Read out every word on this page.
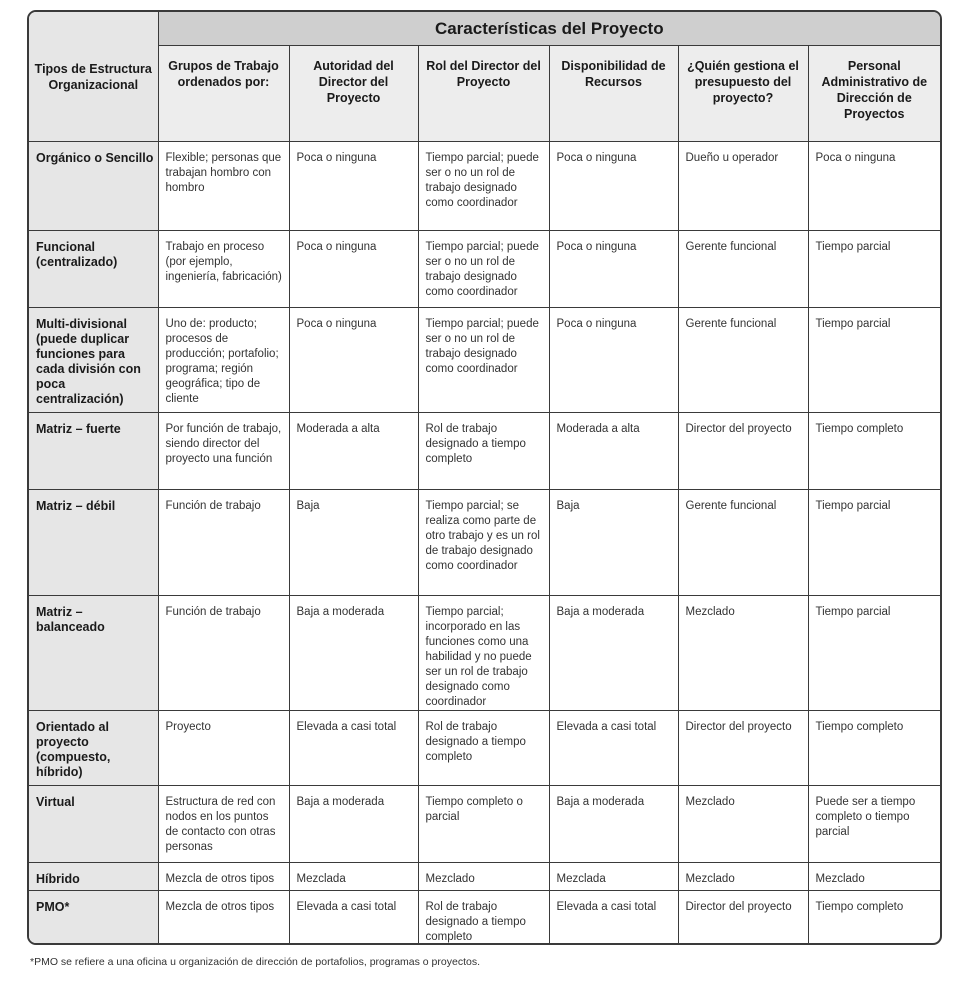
Tipos de Estructura Organizacional	Características del Proyecto					
	Grupos de Trabajo ordenados por:	Autoridad del Director del Proyecto	Rol del Director del Proyecto	Disponibilidad de Recursos	¿Quién gestiona el presupuesto del proyecto?	Personal Administrativo de Dirección de Proyectos
Orgánico o Sencillo	Flexible; personas que trabajan hombro con hombro	Poca o ninguna	Tiempo parcial; puede ser o no un rol de trabajo designado como coordinador	Poca o ninguna	Dueño u operador	Poca o ninguna
Funcional (centralizado)	Trabajo en proceso (por ejemplo, ingeniería, fabricación)	Poca o ninguna	Tiempo parcial; puede ser o no un rol de trabajo designado como coordinador	Poca o ninguna	Gerente funcional	Tiempo parcial
Multi-divisional (puede duplicar funciones para cada división con poca centralización)	Uno de: producto; procesos de producción; portafolio; programa; región geográfica; tipo de cliente	Poca o ninguna	Tiempo parcial; puede ser o no un rol de trabajo designado como coordinador	Poca o ninguna	Gerente funcional	Tiempo parcial
Matriz – fuerte	Por función de trabajo, siendo director del proyecto una función	Moderada a alta	Rol de trabajo designado a tiempo completo	Moderada a alta	Director del proyecto	Tiempo completo
Matriz – débil	Función de trabajo	Baja	Tiempo parcial; se realiza como parte de otro trabajo y es un rol de trabajo designado como coordinador	Baja	Gerente funcional	Tiempo parcial
Matriz – balanceado	Función de trabajo	Baja a moderada	Tiempo parcial; incorporado en las funciones como una habilidad y no puede ser un rol de trabajo designado como coordinador	Baja a moderada	Mezclado	Tiempo parcial
Orientado al proyecto (compuesto, híbrido)	Proyecto	Elevada a casi total	Rol de trabajo designado a tiempo completo	Elevada a casi total	Director del proyecto	Tiempo completo
Virtual	Estructura de red con nodos en los puntos de contacto con otras personas	Baja a moderada	Tiempo completo o parcial	Baja a moderada	Mezclado	Puede ser a tiempo completo o tiempo parcial
Híbrido	Mezcla de otros tipos	Mezclada	Mezclado	Mezclada	Mezclado	Mezclado
PMO*	Mezcla de otros tipos	Elevada a casi total	Rol de trabajo designado a tiempo completo	Elevada a casi total	Director del proyecto	Tiempo completo
*PMO se refiere a una oficina u organización de dirección de portafolios, programas o proyectos.
